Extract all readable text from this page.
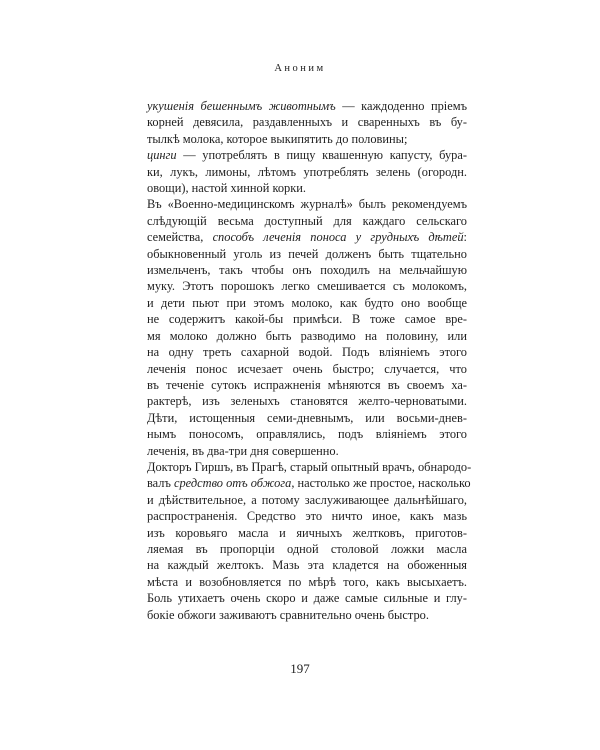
Аноним
укушенія бешеннымъ животнымъ — каждоденно пріемъ
корней девясила, раздавленныхъ и сваренныхъ въ бу-
тылкѣ молока, которое выкипятить до половины;
цинги — употреблять в пищу квашенную капусту, бура-
ки, лукъ, лимоны, лѣтомъ употреблять зелень (огородн.
овощи), настой хинной корки.
Въ «Военно-медицинскомъ журналѣ» былъ рекомендуемъ
слѣдующій весьма доступный для каждаго сельскаго
семейства, способъ леченія поноса у грудныхъ дѣтей:
обыкновенный уголь из печей долженъ быть тщательно
измельченъ, такъ чтобы онъ походилъ на мельчайшую
муку. Этотъ порошокъ легко смешивается съ молокомъ,
и дети пьют при этомъ молоко, как будто оно вообще
не содержитъ какой-бы примѣси. В тоже самое вре-
мя молоко должно быть разводимо на половину, или
на одну треть сахарной водой. Подъ вліяніемъ этого
леченія понос исчезает очень быстро; случается, что
въ теченіе сутокъ испражненія мѣняются въ своемъ ха-
рактерѣ, изъ зеленыхъ становятся желто-черноватыми.
Дѣти, истощенныя семи-дневнымъ, или восьми-днев-
нымъ поносомъ, оправлялись, подъ вліяніемъ этого
леченія, въ два-три дня совершенно.
Докторъ Гиршъ, въ Прагѣ, старый опытный врачъ, обнародо-
валъ средство отъ обжога, настолько же простое, насколько
и дѣйствительное, а потому заслуживающее дальнѣйшаго,
распространенія. Средство это ничто иное, какъ мазь
изъ коровьяго масла и яичныхъ желтковъ, приготов-
ляемая въ пропорціи одной столовой ложки масла
на каждый желтокъ. Мазь эта кладется на обоженныя
мѣста и возобновляется по мѣрѣ того, какъ высыхаетъ.
Боль утихаетъ очень скоро и даже самые сильные и глу-
бокіе обжоги заживаютъ сравнительно очень быстро.
197
